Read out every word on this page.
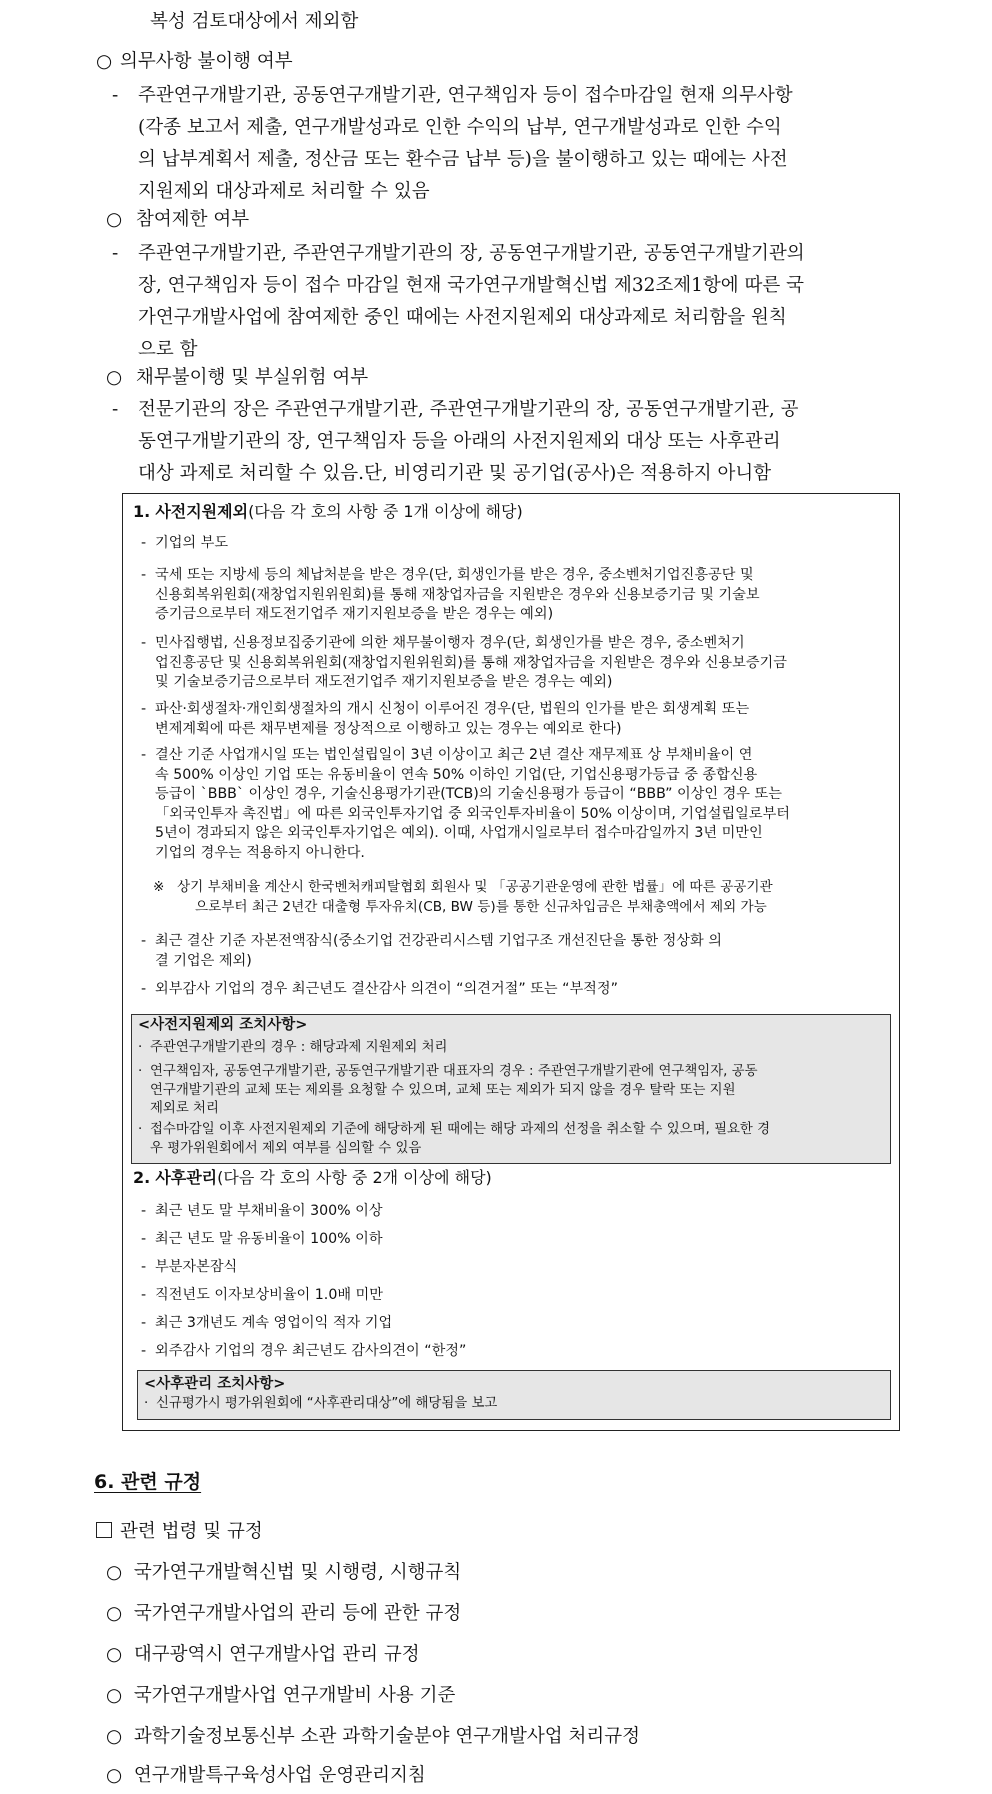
복성 검토대상에서 제외함
○ 의무사항 불이행 여부
- 주관연구개발기관, 공동연구개발기관, 연구책임자 등이 접수마감일 현재 의무사항
(각종 보고서 제출, 연구개발성과로 인한 수익의 납부, 연구개발성과로 인한 수익
의 납부계획서 제출, 정산금 또는 환수금 납부 등)을 불이행하고 있는 때에는 사전
지원제외 대상과제로 처리할 수 있음
○ 참여제한 여부
- 주관연구개발기관, 주관연구개발기관의 장, 공동연구개발기관, 공동연구개발기관의
장, 연구책임자 등이 접수 마감일 현재 국가연구개발혁신법 제32조제1항에 따른 국
가연구개발사업에 참여제한 중인 때에는 사전지원제외 대상과제로 처리함을 원칙
으로 함
○ 채무불이행 및 부실위험 여부
- 전문기관의 장은 주관연구개발기관, 주관연구개발기관의 장, 공동연구개발기관, 공
동연구개발기관의 장, 연구책임자 등을 아래의 사전지원제외 대상 또는 사후관리
대상 과제로 처리할 수 있음.단, 비영리기관 및 공기업(공사)은 적용하지 아니함
1. 사전지원제외(다음 각 호의 사항 중 1개 이상에 해당)
- 기업의 부도
- 국세 또는 지방세 등의 체납처분을 받은 경우(단, 회생인가를 받은 경우, 중소벤처기업진흥공단 및
신용회복위원회(재창업지원위원회)를 통해 재창업자금을 지원받은 경우와 신용보증기금 및 기술보
증기금으로부터 재도전기업주 재기지원보증을 받은 경우는 예외)
- 민사집행법, 신용정보집중기관에 의한 채무불이행자 경우(단, 회생인가를 받은 경우, 중소벤처기
업진흥공단 및 신용회복위원회(재창업지원위원회)를 통해 재창업자금을 지원받은 경우와 신용보증기금
및 기술보증기금으로부터 재도전기업주 재기지원보증을 받은 경우는 예외)
- 파산·회생절차·개인회생절차의 개시 신청이 이루어진 경우(단, 법원의 인가를 받은 회생계획 또는
변제계획에 따른 채무변제를 정상적으로 이행하고 있는 경우는 예외로 한다)
- 결산 기준 사업개시일 또는 법인설립일이 3년 이상이고 최근 2년 결산 재무제표 상 부채비율이 연
속 500% 이상인 기업 또는 유동비율이 연속 50% 이하인 기업(단, 기업신용평가등급 중 종합신용
등급이 `BBB` 이상인 경우, 기술신용평가기관(TCB)의 기술신용평가 등급이 “BBB” 이상인 경우 또는
「외국인투자 촉진법」에 따른 외국인투자기업 중 외국인투자비율이 50% 이상이며, 기업설립일로부터
5년이 경과되지 않은 외국인투자기업은 예외). 이때, 사업개시일로부터 접수마감일까지 3년 미만인
기업의 경우는 적용하지 아니한다.
※ 상기 부채비율 계산시 한국벤처캐피탈협회 회원사 및 「공공기관운영에 관한 법률」에 따른 공공기관
으로부터 최근 2년간 대출형 투자유치(CB, BW 등)를 통한 신규차입금은 부채총액에서 제외 가능
- 최근 결산 기준 자본전액잠식(중소기업 건강관리시스템 기업구조 개선진단을 통한 정상화 의
결 기업은 제외)
- 외부감사 기업의 경우 최근년도 결산감사 의견이 “의견거절” 또는 “부적정”
<사전지원제외 조치사항>
· 주관연구개발기관의 경우 : 해당과제 지원제외 처리
· 연구책임자, 공동연구개발기관, 공동연구개발기관 대표자의 경우 : 주관연구개발기관에 연구책임자, 공동
연구개발기관의 교체 또는 제외를 요청할 수 있으며, 교체 또는 제외가 되지 않을 경우 탈락 또는 지원
제외로 처리
· 접수마감일 이후 사전지원제외 기준에 해당하게 된 때에는 해당 과제의 선정을 취소할 수 있으며, 필요한 경
우 평가위원회에서 제외 여부를 심의할 수 있음
2. 사후관리(다음 각 호의 사항 중 2개 이상에 해당)
- 최근 년도 말 부채비율이 300% 이상
- 최근 년도 말 유동비율이 100% 이하
- 부분자본잠식
- 직전년도 이자보상비율이 1.0배 미만
- 최근 3개년도 계속 영업이익 적자 기업
- 외주감사 기업의 경우 최근년도 감사의견이 “한정”
<사후관리 조치사항>
· 신규평가시 평가위원회에 “사후관리대상”에 해당됨을 보고
6. 관련 규정
관련 법령 및 규정
○ 국가연구개발혁신법 및 시행령, 시행규칙
○ 국가연구개발사업의 관리 등에 관한 규정
○ 대구광역시 연구개발사업 관리 규정
○ 국가연구개발사업 연구개발비 사용 기준
○ 과학기술정보통신부 소관 과학기술분야 연구개발사업 처리규정
○ 연구개발특구육성사업 운영관리지침
